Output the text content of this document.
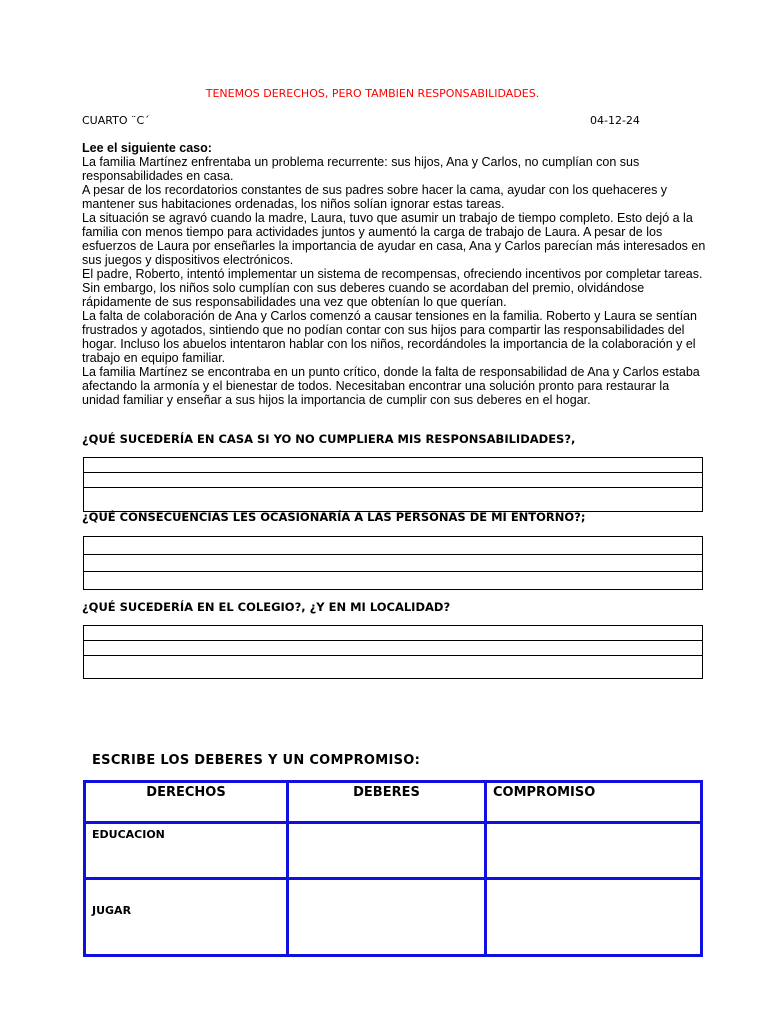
TENEMOS DERECHOS, PERO TAMBIEN RESPONSABILIDADES.
CUARTO ¨C´	04-12-24

Lee el siguiente caso:

La familia Martínez enfrentaba un problema recurrente: sus hijos, Ana y Carlos, no cumplían con sus responsabilidades en casa.

A pesar de los recordatorios constantes de sus padres sobre hacer la cama, ayudar con los quehaceres y mantener sus habitaciones ordenadas, los niños solían ignorar estas tareas.

La situación se agravó cuando la madre, Laura, tuvo que asumir un trabajo de tiempo completo. Esto dejó a la familia con menos tiempo para actividades juntos y aumentó la carga de trabajo de Laura. A pesar de los esfuerzos de Laura por enseñarles la importancia de ayudar en casa, Ana y Carlos parecían más interesados en sus juegos y dispositivos electrónicos.

El padre, Roberto, intentó implementar un sistema de recompensas, ofreciendo incentivos por completar tareas. Sin embargo, los niños solo cumplían con sus deberes cuando se acordaban del premio, olvidándose rápidamente de sus responsabilidades una vez que obtenían lo que querían.

La falta de colaboración de Ana y Carlos comenzó a causar tensiones en la familia. Roberto y Laura se sentían frustrados y agotados, sintiendo que no podían contar con sus hijos para compartir las responsabilidades del hogar. Incluso los abuelos intentaron hablar con los niños, recordándoles la importancia de la colaboración y el trabajo en equipo familiar.

La familia Martínez se encontraba en un punto crítico, donde la falta de responsabilidad de Ana y Carlos estaba afectando la armonía y el bienestar de todos. Necesitaban encontrar una solución pronto para restaurar la unidad familiar y enseñar a sus hijos la importancia de cumplir con sus deberes en el hogar.

¿QUÉ SUCEDERÍA EN CASA SI YO NO CUMPLIERA MIS RESPONSABILIDADES?,
¿QUÉ CONSECUENCIAS LES OCASIONARÍA A LAS PERSONAS DE MI ENTORNO?;
¿QUÉ SUCEDERÍA EN EL COLEGIO?, ¿Y EN MI LOCALIDAD?
ESCRIBE LOS DEBERES Y UN COMPROMISO:
DERECHOS	DEBERES	COMPROMISO
EDUCACION		
JUGAR		
